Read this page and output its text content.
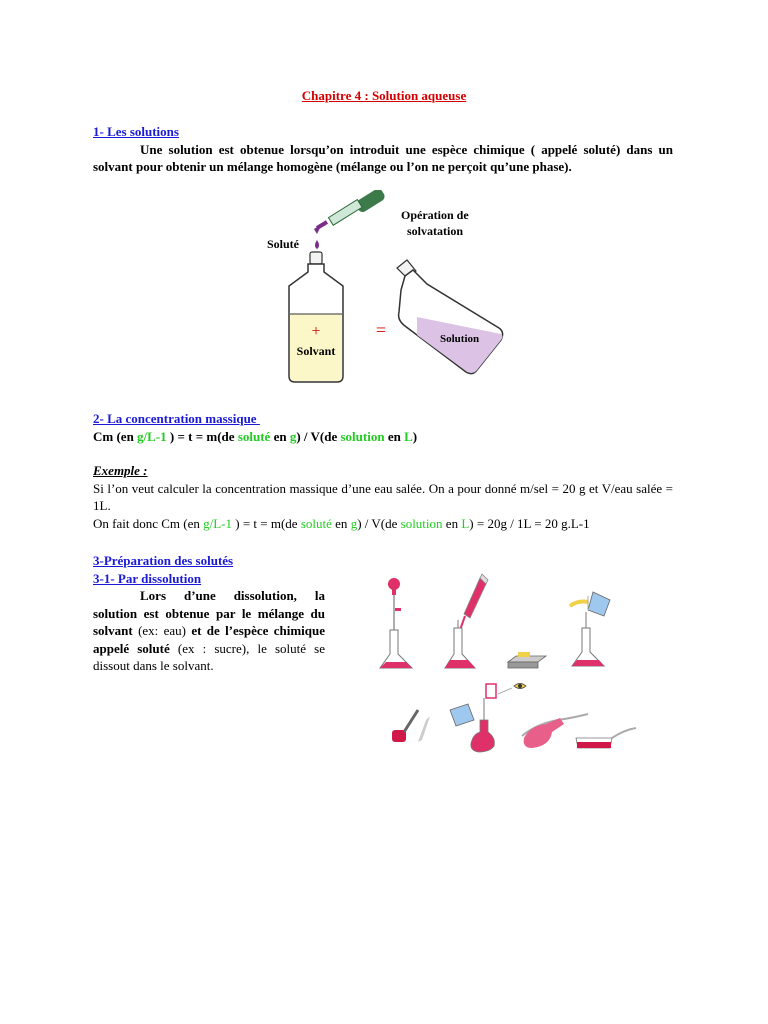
Chapitre 4 : Solution aqueuse
1- Les solutions
Une solution est obtenue lorsqu’on introduit une espèce chimique ( appelé soluté) dans un solvant pour obtenir un mélange homogène (mélange ou l’on ne perçoit qu’une phase).
Soluté
Opération de
solvatation
+
Solvant
=	Solution
2- La concentration massique
Cm (en g/L-1 ) = t = m(de soluté en g) / V(de solution en L)
Exemple :
Si l’on veut calculer la concentration massique d’une eau salée. On a pour donné m/sel = 20 g et V/eau salée = 1L.
On fait donc Cm (en g/L-1 ) = t = m(de soluté en g) / V(de solution en L) = 20g / 1L = 20 g.L-1
3-Préparation des solutés
3-1- Par dissolution
Lors d’une dissolution, la solution est obtenue par le mélange du solvant (ex: eau) et de l’espèce chimique appelé soluté (ex : sucre), le soluté se dissout dans le solvant.
